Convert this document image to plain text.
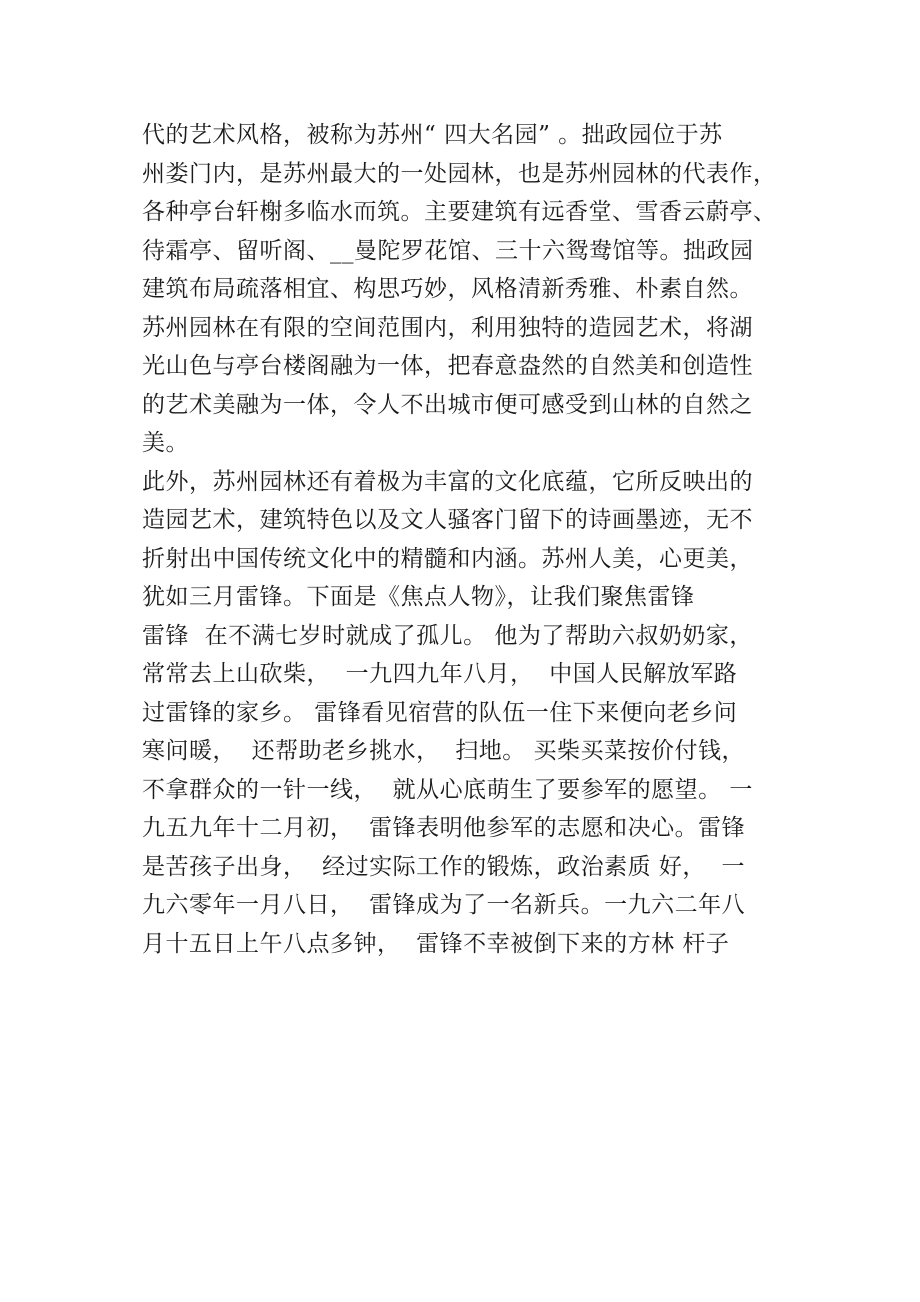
代的艺术风格，被称为苏州“ 四大名园” 。拙政园位于苏

州娄门内，是苏州最大的一处园林，也是苏州园林的代表作，

各种亭台轩榭多临水而筑。主要建筑有远香堂、雪香云蔚亭、

待霜亭、留听阁、__曼陀罗花馆、三十六鸳鸯馆等。拙政园

建筑布局疏落相宜、构思巧妙，风格清新秀雅、朴素自然。

苏州园林在有限的空间范围内，利用独特的造园艺术，将湖

光山色与亭台楼阁融为一体，把春意盎然的自然美和创造性

的艺术美融为一体，令人不出城市便可感受到山林的自然之

美。

此外，苏州园林还有着极为丰富的文化底蕴，它所反映出的

造园艺术，建筑特色以及文人骚客门留下的诗画墨迹，无不

折射出中国传统文化中的精髓和内涵。苏州人美，心更美，

犹如三月雷锋。下面是《焦点人物》，让我们聚焦雷锋

雷锋  在不满七岁时就成了孤儿。 他为了帮助六叔奶奶家，

常常去上山砍柴，  一九四九年八月，  中国人民解放军路

过雷锋的家乡。 雷锋看见宿营的队伍一住下来便向老乡问

寒问暖，  还帮助老乡挑水，  扫地。 买柴买菜按价付钱，

不拿群众的一针一线，  就从心底萌生了要参军的愿望。 一

九五九年十二月初，  雷锋表明他参军的志愿和决心。雷锋

是苦孩子出身，  经过实际工作的锻炼，政治素质 好，  一

九六零年一月八日，  雷锋成为了一名新兵。一九六二年八

月十五日上午八点多钟，  雷锋不幸被倒下来的方林 杆子
